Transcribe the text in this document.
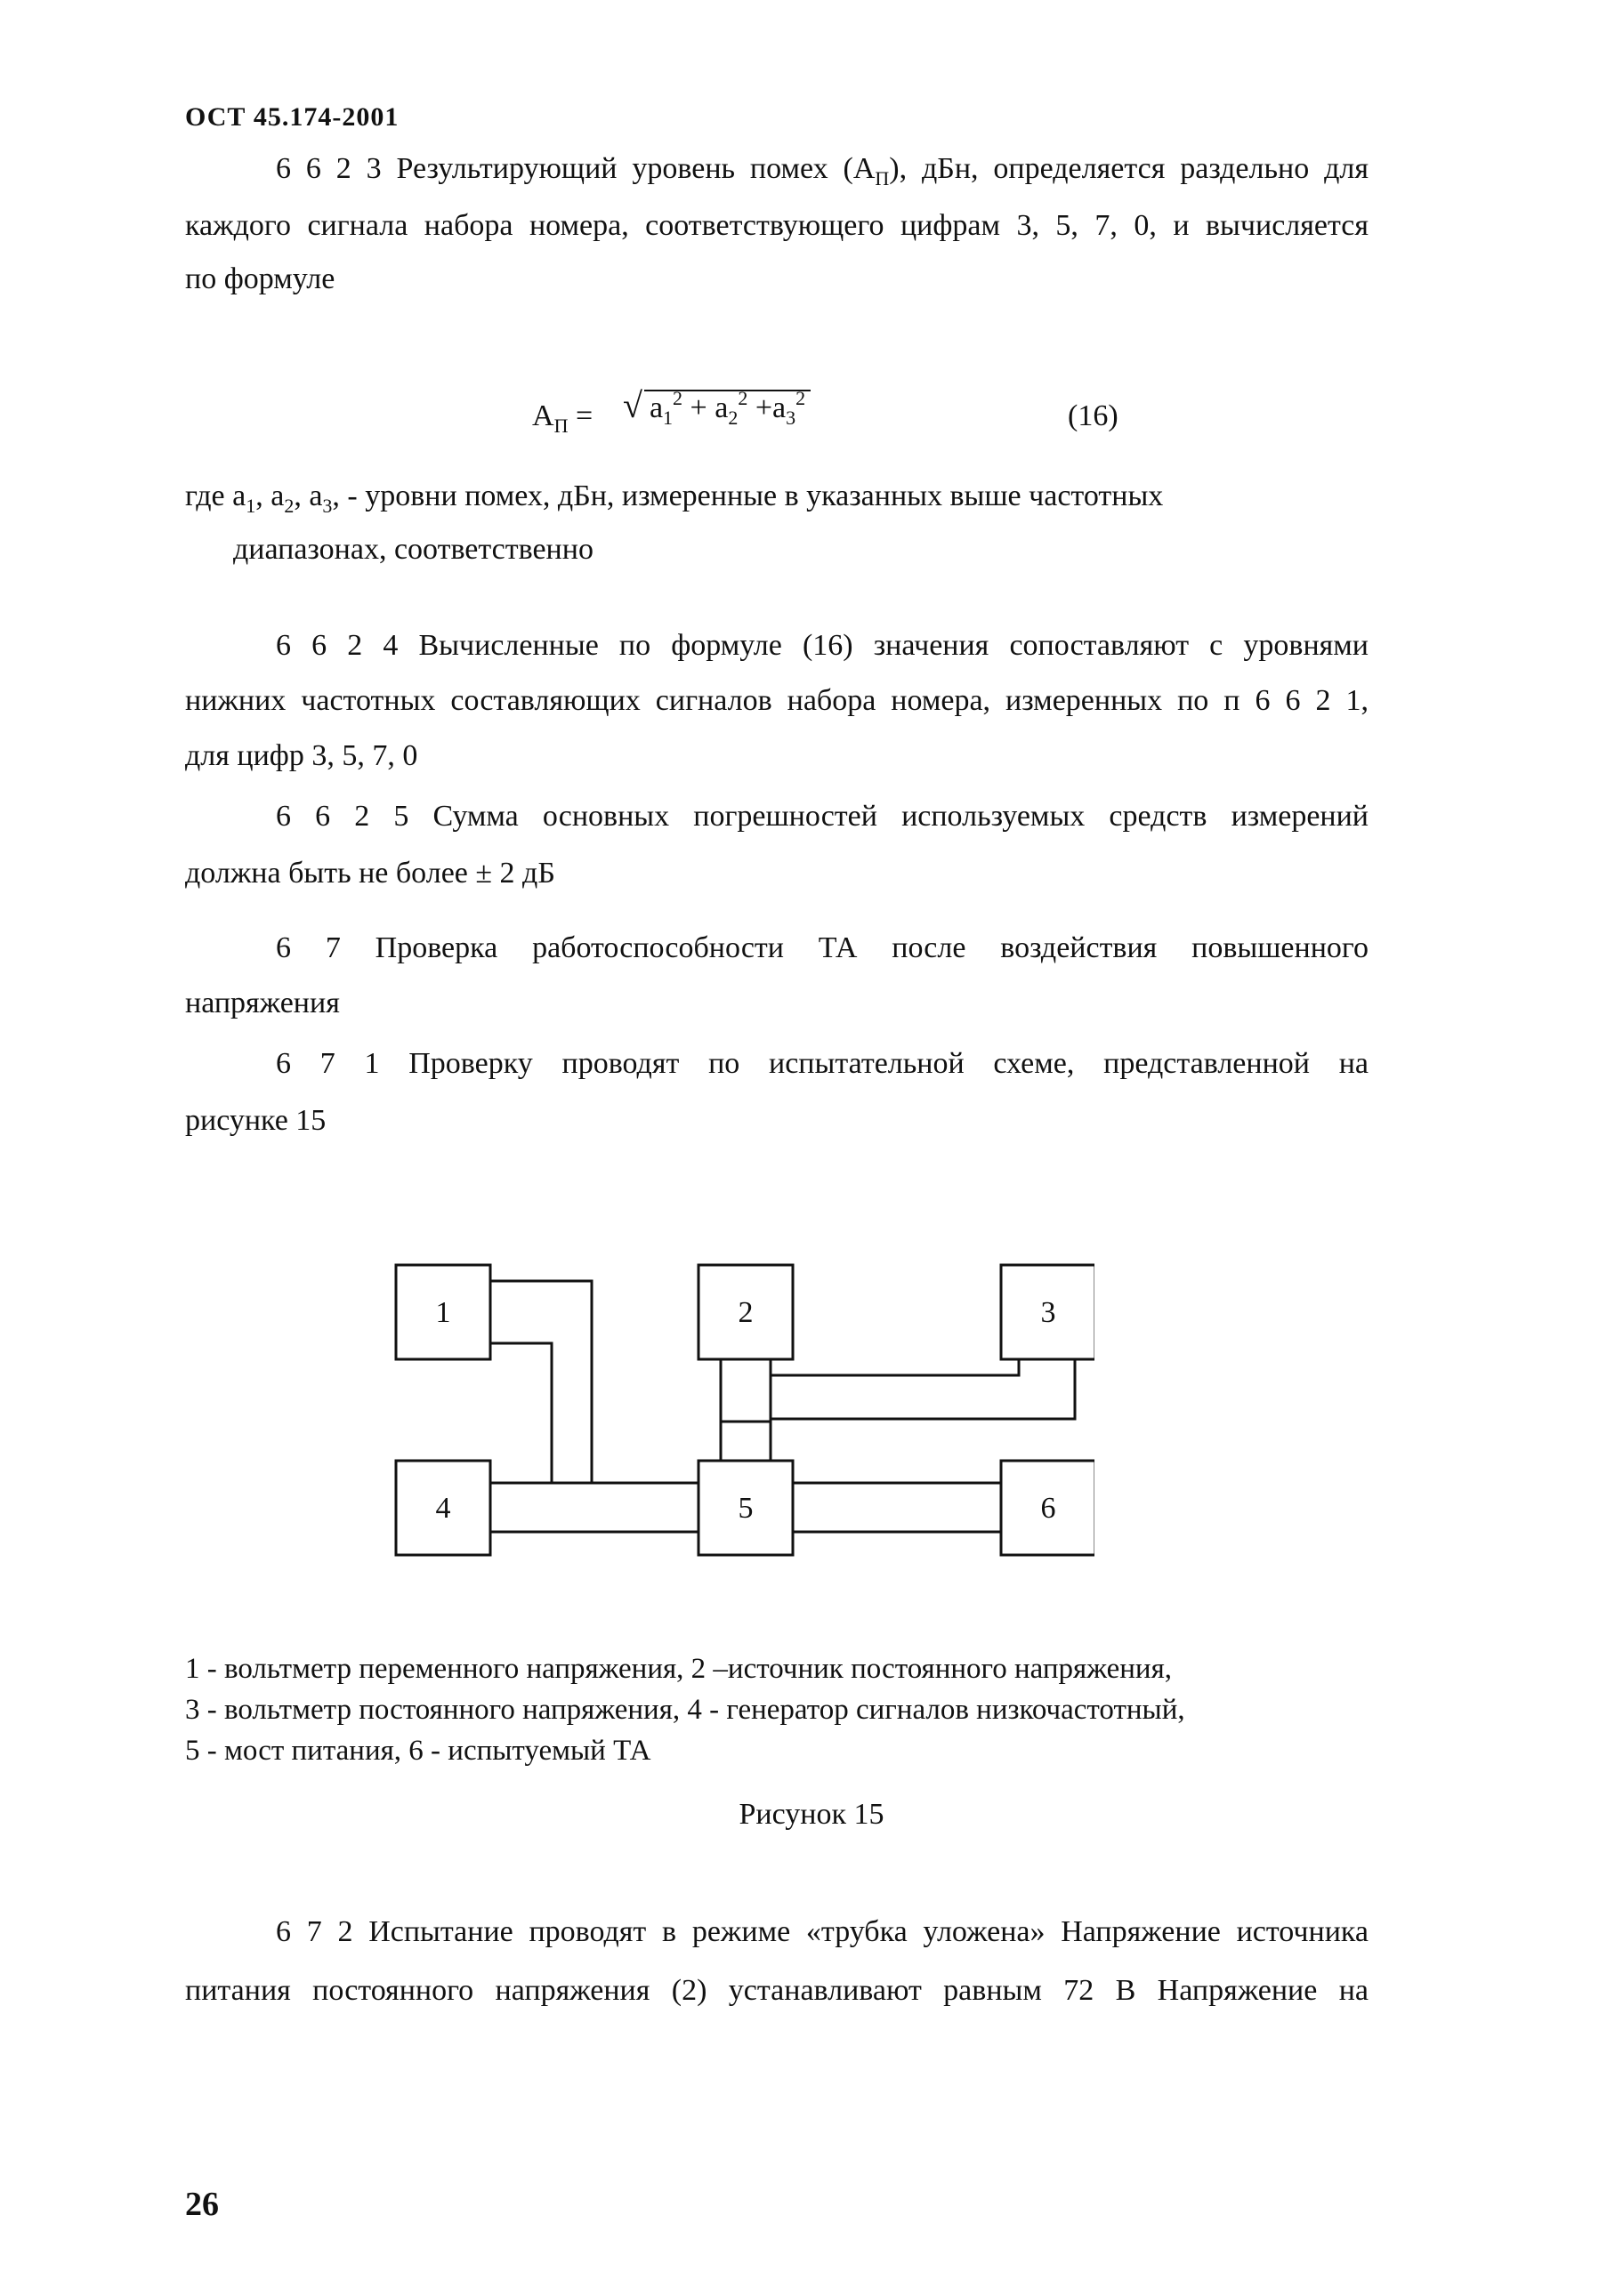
ОСТ 45.174-2001
6 6 2 3 Результирующий уровень помех $(A_П)$, дБн, определяется раздельно для
каждого сигнала набора номера, соответствующего цифрам 3, 5, 7, 0, и вычисляется
по формуле
$A_П$ = √ $a_1^2 + a_2^2 +a_3^2$
(16)
где $a_1$, $a_2$, $a_3$, - уровни помех, дБн, измеренные в указанных выше частотных
диапазонах, соответственно
6 6 2 4 Вычисленные по формуле (16) значения сопоставляют с уровнями
нижних частотных составляющих сигналов набора номера, измеренных по п 6 6 2 1,
для цифр 3, 5, 7, 0
6 6 2 5 Сумма основных погрешностей используемых средств измерений
должна быть не более ± 2 дБ
6 7 Проверка работоспособности ТА после воздействия повышенного
напряжения
6 7 1 Проверку проводят по испытательной схеме, представленной на
рисунке 15
1	2	3
4	5	6
1 - вольтметр переменного напряжения, 2 –источник постоянного напряжения,
3 - вольтметр постоянного напряжения, 4 - генератор сигналов низкочастотный,
5 - мост питания, 6 - испытуемый ТА
Рисунок 15
6 7 2 Испытание проводят в режиме «трубка уложена» Напряжение источника
питания постоянного напряжения (2) устанавливают равным 72 В Напряжение на
26
